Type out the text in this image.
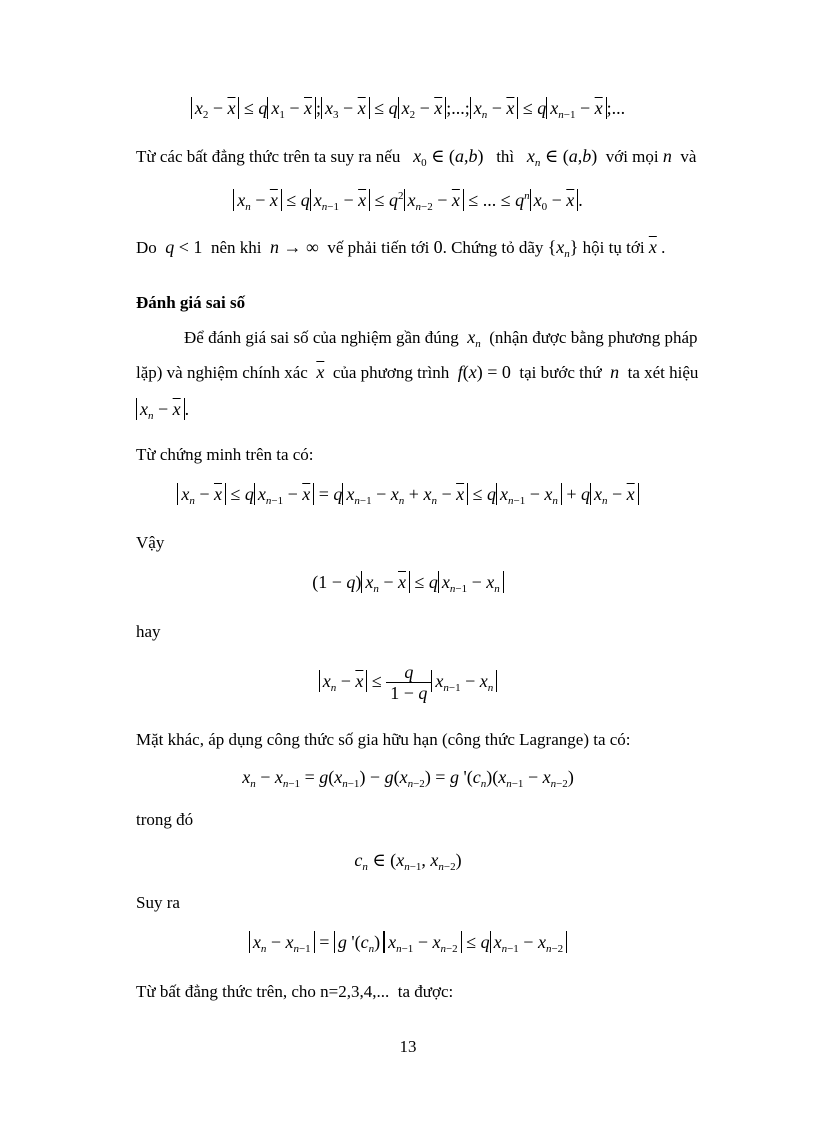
$x_2 - \overline{x} \le q$ $x_1 - \overline{x}$ ; $x_3 - \overline{x} \le q$ $x_2 - \overline{x}$ ;...; $x_n - \overline{x} \le q$ $x_{n-1} - \overline{x}$ ;...
Từ các bất đẳng thức trên ta suy ra nếu $x_0$ ∈ (a,b) thì $x_n$ ∈ (a,b) với mọi n và
$x_n - \overline{x} \le q$ $x_{n-1} - \overline{x} \le q^2$ $x_{n-2} - \overline{x}$ ≤ ... ≤ $q^n$ $x_0 - \overline{x}$ .
Do q < 1 nên khi n → ∞ vế phải tiến tới 0. Chứng tỏ dãy $\{x_n\}$ hội tụ tới $\overline{x}$ .
Đánh giá sai số
Để đánh giá sai số của nghiệm gần đúng $x_n$ (nhận được bằng phương pháp
lặp) và nghiệm chính xác $\overline{x}$ của phương trình f(x) = 0 tại bước thứ n ta xét hiệu
$x_n - \overline{x}$ .
Từ chứng minh trên ta có:
$x_n - \overline{x} \le q$ $x_{n-1} - \overline{x} = q$ $x_{n-1} - x_n + x_n - \overline{x} \le q$ $x_{n-1} - x_n + q$ $x_n - \overline{x}$
Vậy
(1 − q) $x_n - \overline{x} \le q$ $x_{n-1} - x_n$
hay
$x_n - \overline{x} \le \frac{q}{1 - q} x_{n-1} - x_n$
Mặt khác, áp dụng công thức số gia hữu hạn (công thức Lagrange) ta có:
$x_n - x_{n-1} = g(x_{n-1}) - g(x_{n-2}) = g$ '$(c_n)(x_{n-1} - x_{n-2})$
trong đó
$c_n$ ∈ ($x_{n-1}$, $x_{n-2}$)
Suy ra
$x_n - x_{n-1} = g$ '$(c_n) x_{n-1} - x_{n-2} \le q$ $x_{n-1} - x_{n-2}$
Từ bất đẳng thức trên, cho n=2,3,4,... ta được:
13
